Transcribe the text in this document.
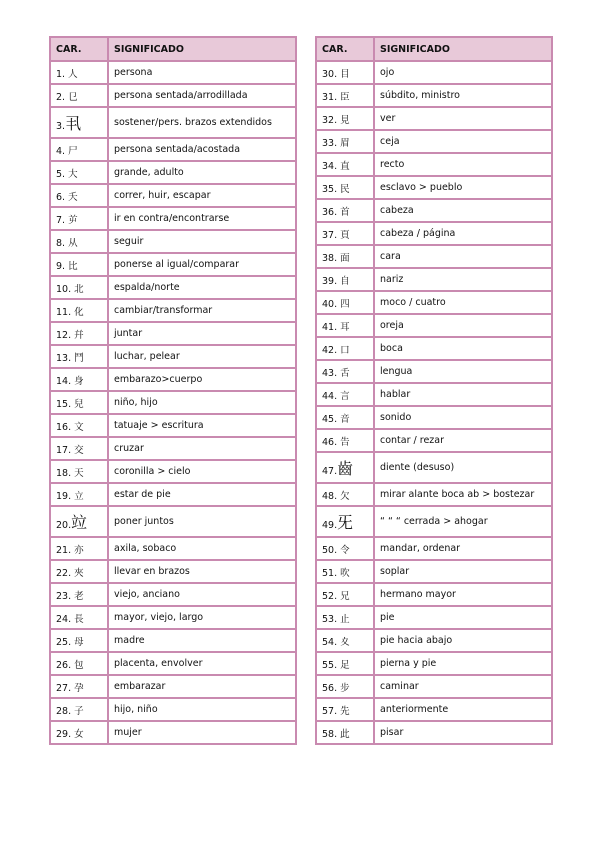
CAR.	SIGNIFICADO
1. 人	persona
2. 㔾	persona sentada/arrodillada
3.丮	sostener/pers. brazos extendidos
4. 尸	persona sentada/acostada
5. 大	grande, adulto
6. 夭	correr, huir, escapar
7. 屰	ir en contra/encontrarse
8. 从	seguir
9. 比	ponerse al igual/comparar
10. 北	espalda/norte
11. 化	cambiar/transformar
12. 幷	juntar
13. 鬥	luchar, pelear
14. 身	embarazo>cuerpo
15. 兒	niño, hijo
16. 文	tatuaje > escritura
17. 交	cruzar
18. 天	coronilla > cielo
19. 立	estar de pie
20.竝	poner juntos
21. 亦	axila, sobaco
22. 夾	llevar en brazos
23. 老	viejo, anciano
24. 長	mayor, viejo, largo
25. 母	madre
26. 包	placenta, envolver
27. 孕	embarazar
28. 子	hijo, niño
29. 女	mujer
CAR.	SIGNIFICADO
30. 目	ojo
31. 臣	súbdito, ministro
32. 見	ver
33. 眉	ceja
34. 直	recto
35. 民	esclavo > pueblo
36. 首	cabeza
37. 頁	cabeza / página
38. 面	cara
39. 自	nariz
40. 四	moco / cuatro
41. 耳	oreja
42. 口	boca
43. 舌	lengua
44. 言	hablar
45. 音	sonido
46. 告	contar / rezar
47.齒	diente (desuso)
48. 欠	mirar alante boca ab > bostezar
49.旡	“ “ “ cerrada > ahogar
50. 令	mandar, ordenar
51. 吹	soplar
52. 兄	hermano mayor
53. 止	pie
54. 夊	pie hacia abajo
55. 足	pierna y pie
56. 步	caminar
57. 先	anteriormente
58. 此	pisar
